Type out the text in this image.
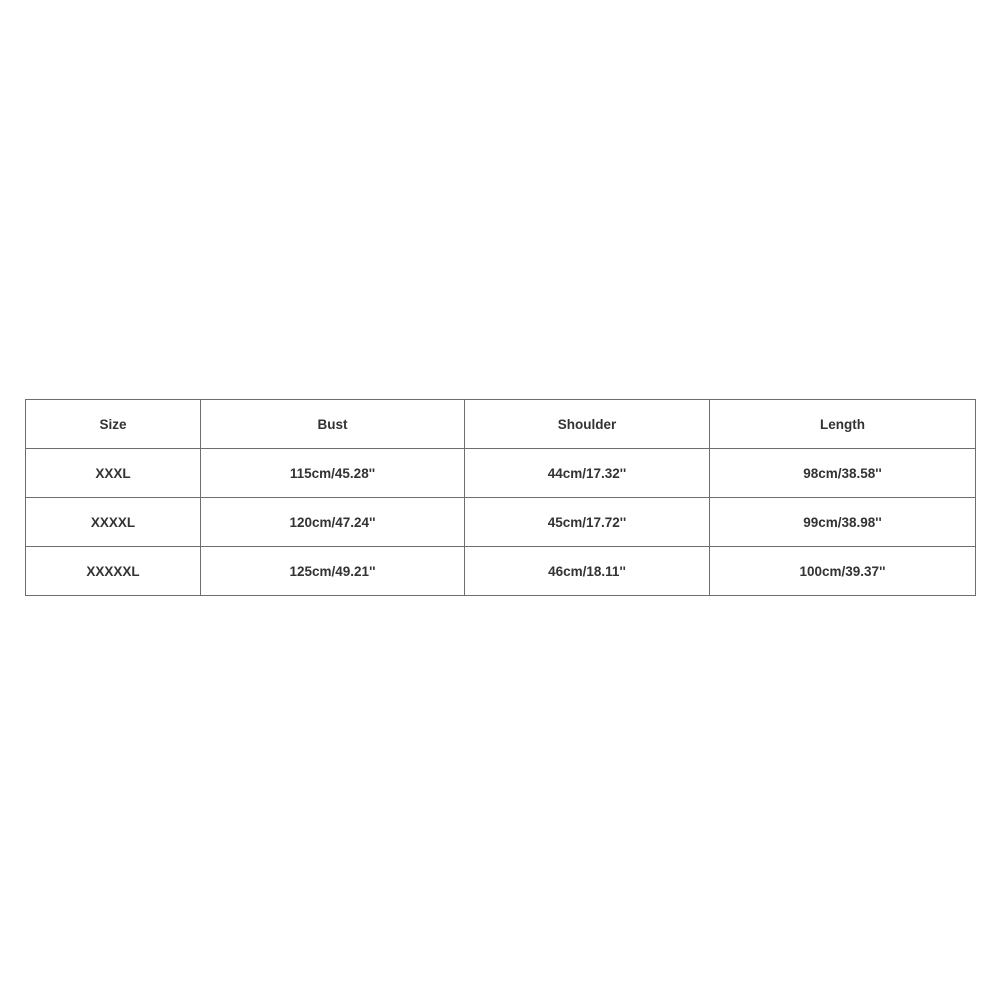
Size	Bust	Shoulder	Length
XXXL	115cm/45.28''	44cm/17.32''	98cm/38.58''
XXXXL	120cm/47.24''	45cm/17.72''	99cm/38.98''
XXXXXL	125cm/49.21''	46cm/18.11''	100cm/39.37''
